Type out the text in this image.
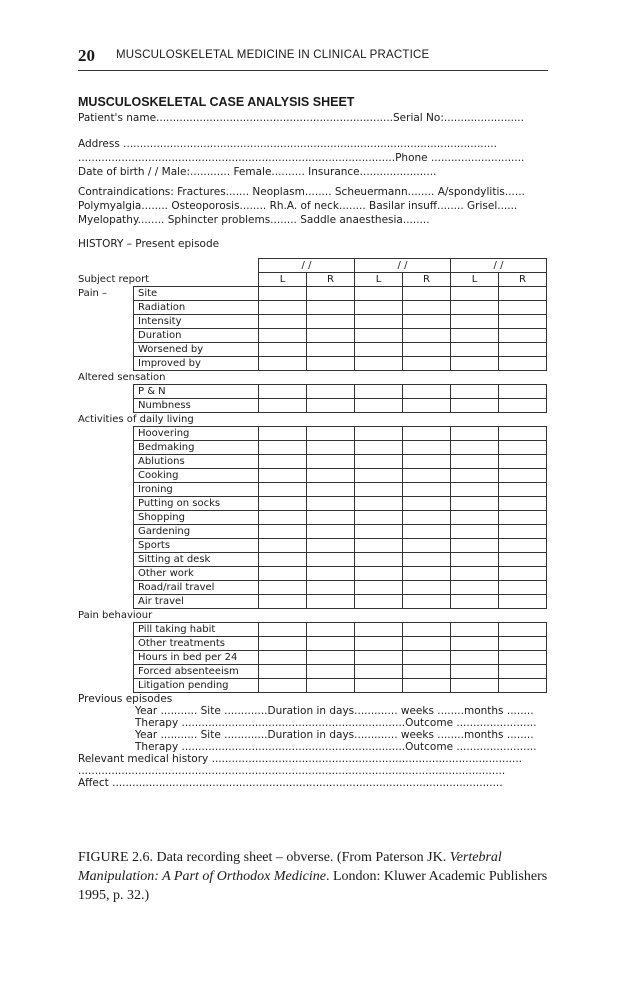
20 MUSCULOSKELETAL MEDICINE IN CLINICAL PRACTICE
MUSCULOSKELETAL CASE ANALYSIS SHEET
Patient's name.......................................................................Serial No:........................
Address ................................................................................................................
...............................................................................................Phone ............................
Date of birth / / Male:............ Female.......... Insurance.......................
Contraindications: Fractures....... Neoplasm........ Scheuermann........ A/spondylitis......
Polymyalgia........ Osteoporosis........ Rh.A. of neck........ Basilar insuff........ Grisel......
Myelopathy........ Sphincter problems........ Saddle anaesthesia........
HISTORY – Present episode
		/ /		/ /		/ /	
Subject report		L	R	L	R	L	R
Pain –	Site						
	Radiation						
	Intensity						
	Duration						
	Worsened by						
	Improved by						
Altered sensation							
	P & N						
	Numbness						
Activities of daily living							
	Hoovering						
	Bedmaking						
	Ablutions						
	Cooking						
	Ironing						
	Putting on socks						
	Shopping						
	Gardening						
	Sports						
	Sitting at desk						
	Other work						
	Road/rail travel						
	Air travel						
Pain behaviour							
	Pill taking habit						
	Other treatments						
	Hours in bed per 24						
	Forced absenteeism						
	Litigation pending						
Previous episodes
Year ........... Site .............Duration in days............. weeks ........months ........
Therapy ...................................................................Outcome ........................
Year ........... Site .............Duration in days............. weeks ........months ........
Therapy ...................................................................Outcome ........................
Relevant medical history .............................................................................................
................................................................................................................................
Affect .....................................................................................................................
FIGURE 2.6. Data recording sheet – obverse. (From Paterson JK. Vertebral Manipulation: A Part of Orthodox Medicine. London: Kluwer Academic Publishers 1995, p. 32.)
